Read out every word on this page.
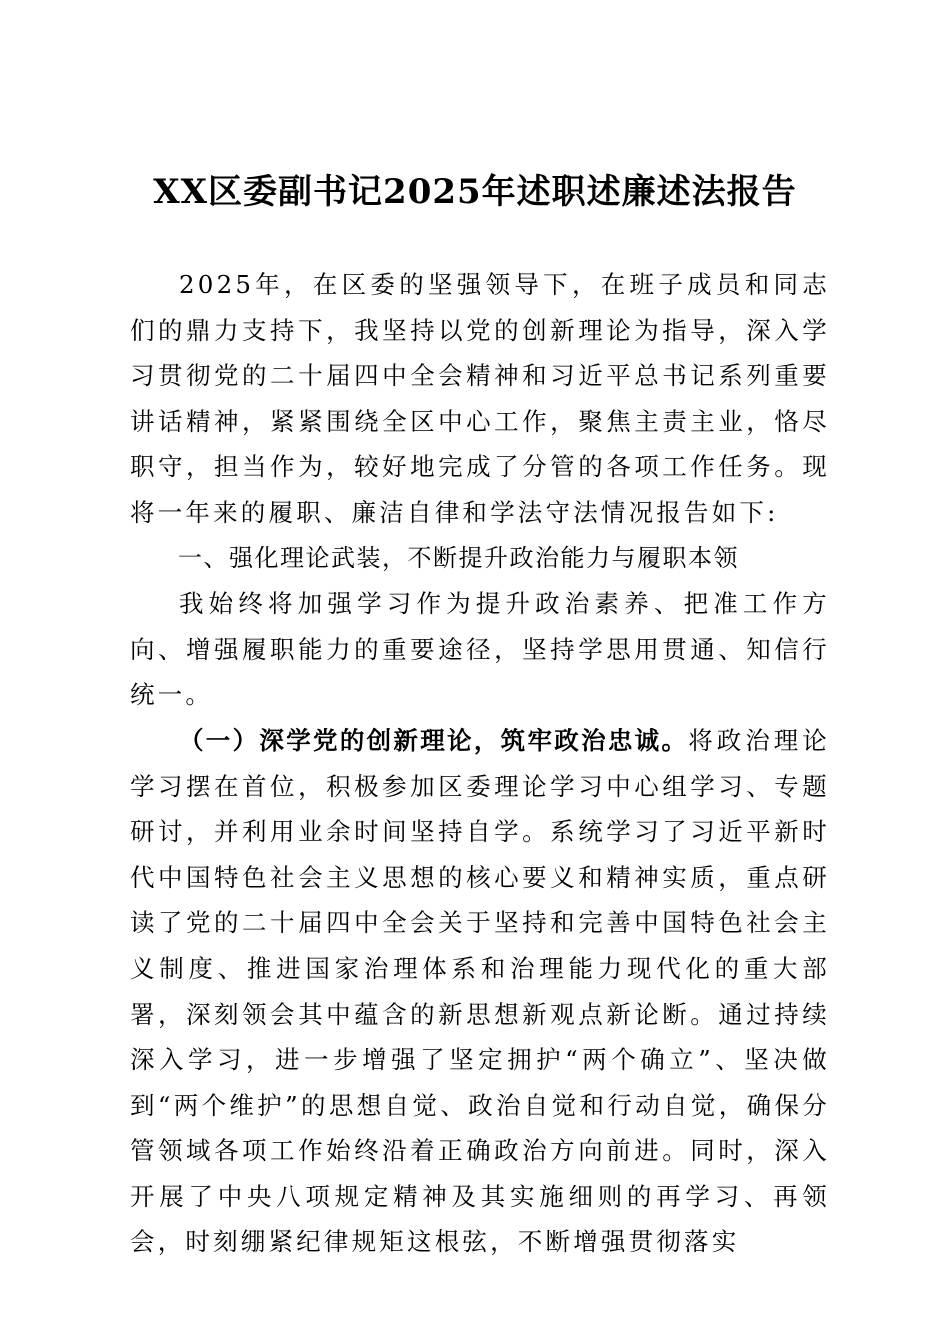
XX区委副书记2025年述职述廉述法报告

2025年，在区委的坚强领导下，在班子成员和同志们的鼎力支持下，我坚持以党的创新理论为指导，深入学习贯彻党的二十届四中全会精神和习近平总书记系列重要讲话精神，紧紧围绕全区中心工作，聚焦主责主业，恪尽职守，担当作为，较好地完成了分管的各项工作任务。现将一年来的履职、廉洁自律和学法守法情况报告如下:

一、强化理论武装，不断提升政治能力与履职本领

我始终将加强学习作为提升政治素养、把准工作方向、增强履职能力的重要途径，坚持学思用贯通、知信行统一。

（一）深学党的创新理论，筑牢政治忠诚。将政治理论学习摆在首位，积极参加区委理论学习中心组学习、专题研讨，并利用业余时间坚持自学。系统学习了习近平新时代中国特色社会主义思想的核心要义和精神实质，重点研读了党的二十届四中全会关于坚持和完善中国特色社会主义制度、推进国家治理体系和治理能力现代化的重大部署，深刻领会其中蕴含的新思想新观点新论断。通过持续深入学习，进一步增强了坚定拥护“两个确立”、坚决做到“两个维护”的思想自觉、政治自觉和行动自觉，确保分管领域各项工作始终沿着正确政治方向前进。同时，深入开展了中央八项规定精神及其实施细则的再学习、再领会，时刻绷紧纪律规矩这根弦，不断增强贯彻落实
